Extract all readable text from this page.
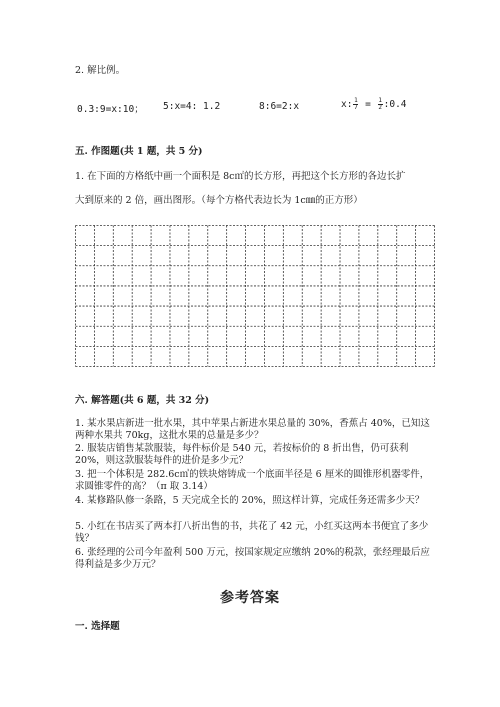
2. 解比例。
0.3:9=x:10； 5:x=4: 1.2	8:6=2:x	x: $\frac{1}{7} = \frac{1}{2}$ :0.4
五. 作图题(共 1 题，共 5 分)
1. 在下面的方格纸中画一个面积是 8c㎡的长方形，再把这个长方形的各边长扩
大到原来的 2 倍，画出图形。（每个方格代表边长为 1c㎜的正方形）
六. 解答题(共 6 题，共 32 分)
1. 某水果店新进一批水果，其中苹果占新进水果总量的 30%，香蕉占 40%，已知这两种水果共 70kg，这批水果的总量是多少？
2. 服装店销售某款服装，每件标价是 540 元，若按标价的 8 折出售，仍可获利 20%，则这款服装每件的进价是多少元？
3. 把一个体积是 282.6c㎥的铁块熔铸成一个底面半径是 6 厘米的圆锥形机器零件，求圆锥零件的高？（π 取 3.14）
4. 某修路队修一条路，5 天完成全长的 20%，照这样计算，完成任务还需多少天？
5. 小红在书店买了两本打八折出售的书，共花了 42 元，小红买这两本书便宜了多少钱？
6. 张经理的公司今年盈利 500 万元，按国家规定应缴纳 20%的税款，张经理最后应得利益是多少万元？
参考答案
一. 选择题
